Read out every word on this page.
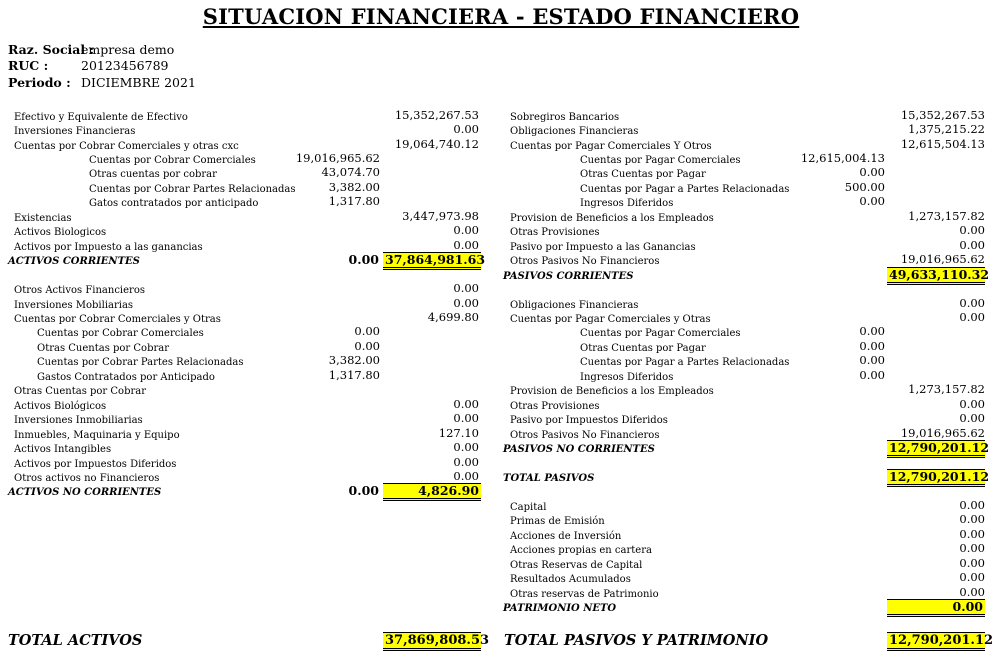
SITUACION FINANCIERA - ESTADO FINANCIERO
Raz. Social :
empresa demo
RUC :	20123456789
Periodo : DICIEMBRE 2021
Efectivo y Equivalente de Efectivo	15,352,267.53
Inversiones Financieras	0.00
Cuentas por Cobrar Comerciales y otras cxc	19,064,740.12
Cuentas por Cobrar Comerciales	19,016,965.62
Otras cuentas por cobrar	43,074.70
Cuentas por Cobrar Partes Relacionadas	3,382.00
Gatos contratados por anticipado	1,317.80
Existencias	3,447,973.98
Activos Biologicos	0.00
Activos por Impuesto a las ganancias	0.00
ACTIVOS CORRIENTES	0.00 37,864,981.63
Otros Activos Financieros	0.00
Inversiones Mobiliarias	0.00
Cuentas por Cobrar Comerciales y Otras	4,699.80
Cuentas por Cobrar Comerciales	0.00
Otras Cuentas por Cobrar	0.00
Cuentas por Cobrar Partes Relacionadas	3,382.00
Gastos Contratados por Anticipado	1,317.80
Otras Cuentas por Cobrar
Activos Biológicos	0.00
Inversiones Inmobiliarias	0.00
Inmuebles, Maquinaria y Equipo	127.10
Activos Intangibles	0.00
Activos por Impuestos Diferidos	0.00
Otros activos no Financieros	0.00
ACTIVOS NO CORRIENTES	0.00	4,826.90
TOTAL ACTIVOS	37,869,808.53
Sobregiros Bancarios	15,352,267.53
Obligaciones Financieras	1,375,215.22
Cuentas por Pagar Comerciales Y Otros	12,615,504.13
Cuentas por Pagar Comerciales	12,615,004.13
Otras Cuentas por Pagar	0.00
Cuentas por Pagar a Partes Relacionadas	500.00
Ingresos Diferidos	0.00
Provision de Beneficios a los Empleados	1,273,157.82
Otras Provisiones	0.00
Pasivo por Impuesto a las Ganancias	0.00
Otros Pasivos No Financieros	19,016,965.62
PASIVOS CORRIENTES	49,633,110.32
Obligaciones Financieras	0.00
Cuentas por Pagar Comerciales y Otras	0.00
Cuentas por Pagar Comerciales	0.00
Otras Cuentas por Pagar	0.00
Cuentas por Pagar a Partes Relacionadas	0.00
Ingresos Diferidos	0.00
Provision de Beneficios a los Empleados	1,273,157.82
Otras Provisiones	0.00
Pasivo por Impuestos Diferidos	0.00
Otros Pasivos No Financieros	19,016,965.62
PASIVOS NO CORRIENTES	12,790,201.12
TOTAL PASIVOS	12,790,201.12
Capital	0.00
Primas de Emisión	0.00
Acciones de Inversión	0.00
Acciones propias en cartera	0.00
Otras Reservas de Capital	0.00
Resultados Acumulados	0.00
Otras reservas de Patrimonio	0.00
PATRIMONIO NETO	0.00
TOTAL PASIVOS Y PATRIMONIO	12,790,201.12
